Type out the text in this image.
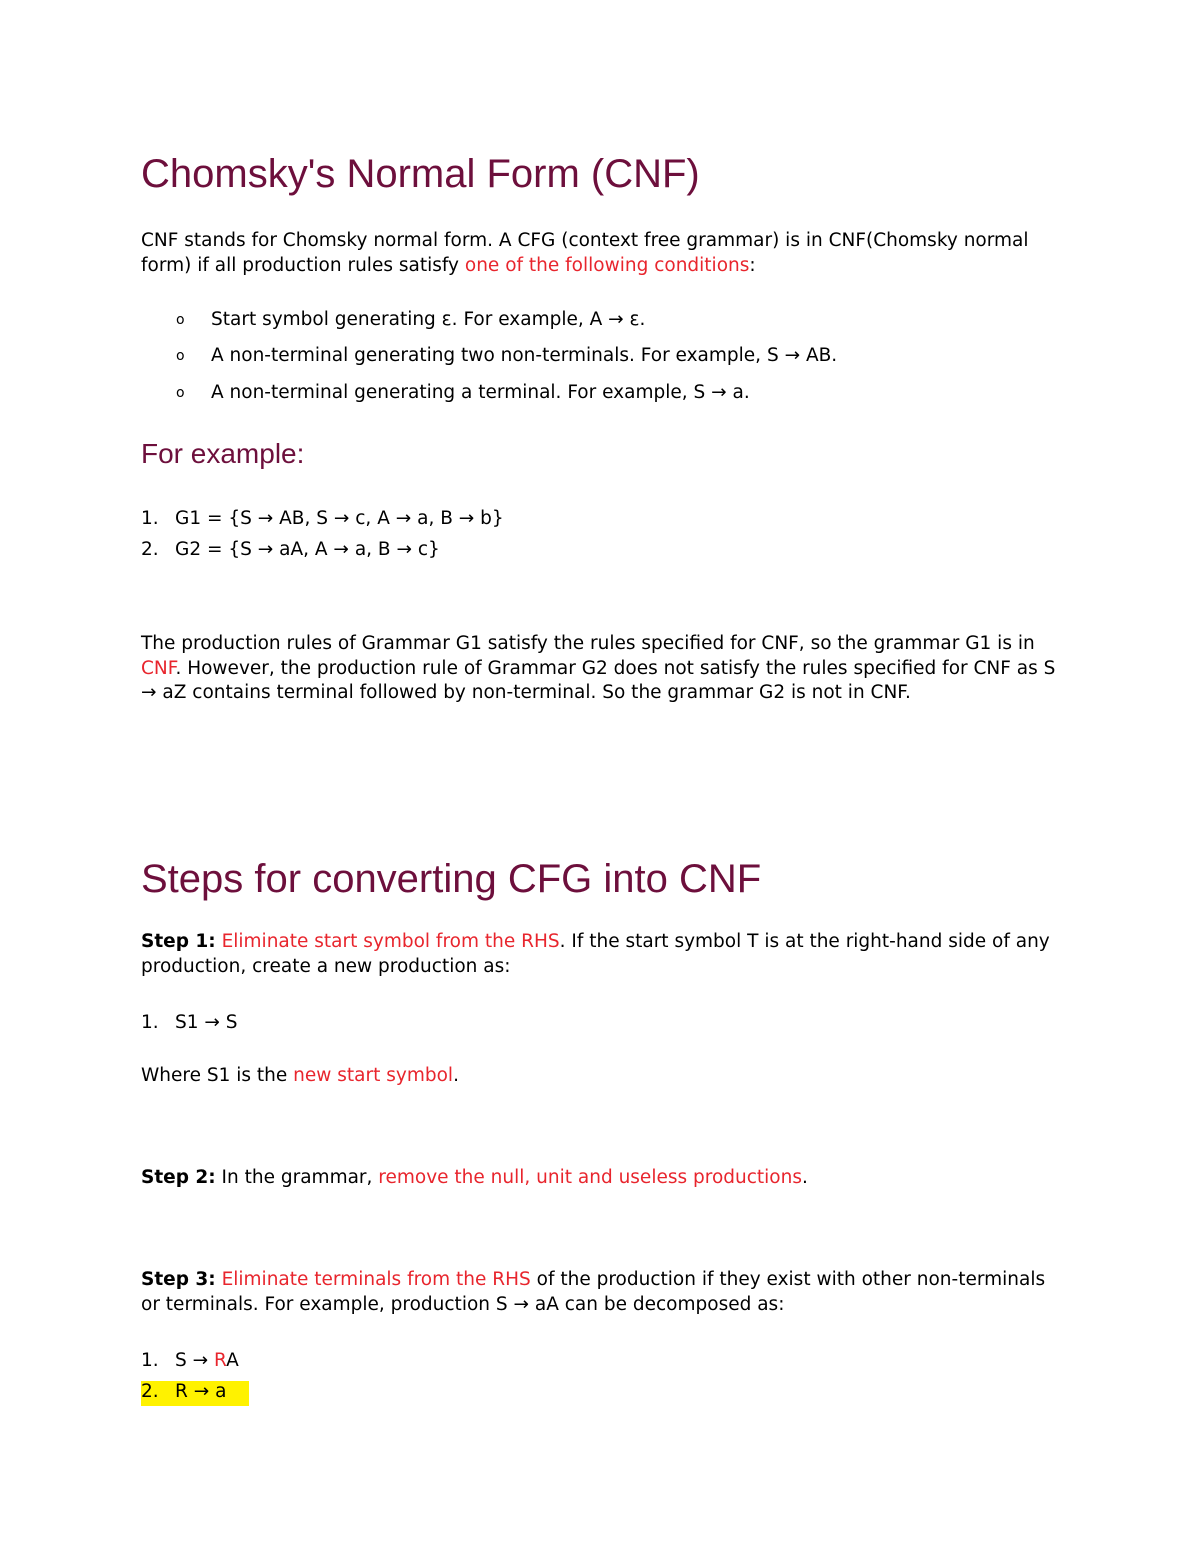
Chomsky's Normal Form (CNF)

CNF stands for Chomsky normal form. A CFG (context free grammar) is in CNF(Chomsky normal form) if all production rules satisfy one of the following conditions:

o Start symbol generating ε. For example, A → ε.
o A non-terminal generating two non-terminals. For example, S → AB.
o A non-terminal generating a terminal. For example, S → a.
For example:
1. G1 = {S → AB, S → c, A → a, B → b}
2. G2 = {S → aA, A → a, B → c}

The production rules of Grammar G1 satisfy the rules specified for CNF, so the grammar G1 is in CNF. However, the production rule of Grammar G2 does not satisfy the rules specified for CNF as S → aZ contains terminal followed by non-terminal. So the grammar G2 is not in CNF.

Steps for converting CFG into CNF

Step 1: Eliminate start symbol from the RHS. If the start symbol T is at the right-hand side of any production, create a new production as:

1. S1 → S

Where S1 is the new start symbol.

Step 2: In the grammar, remove the null, unit and useless productions.

Step 3: Eliminate terminals from the RHS of the production if they exist with other non-terminals or terminals. For example, production S → aA can be decomposed as:

1. S → RA
2. R → a
